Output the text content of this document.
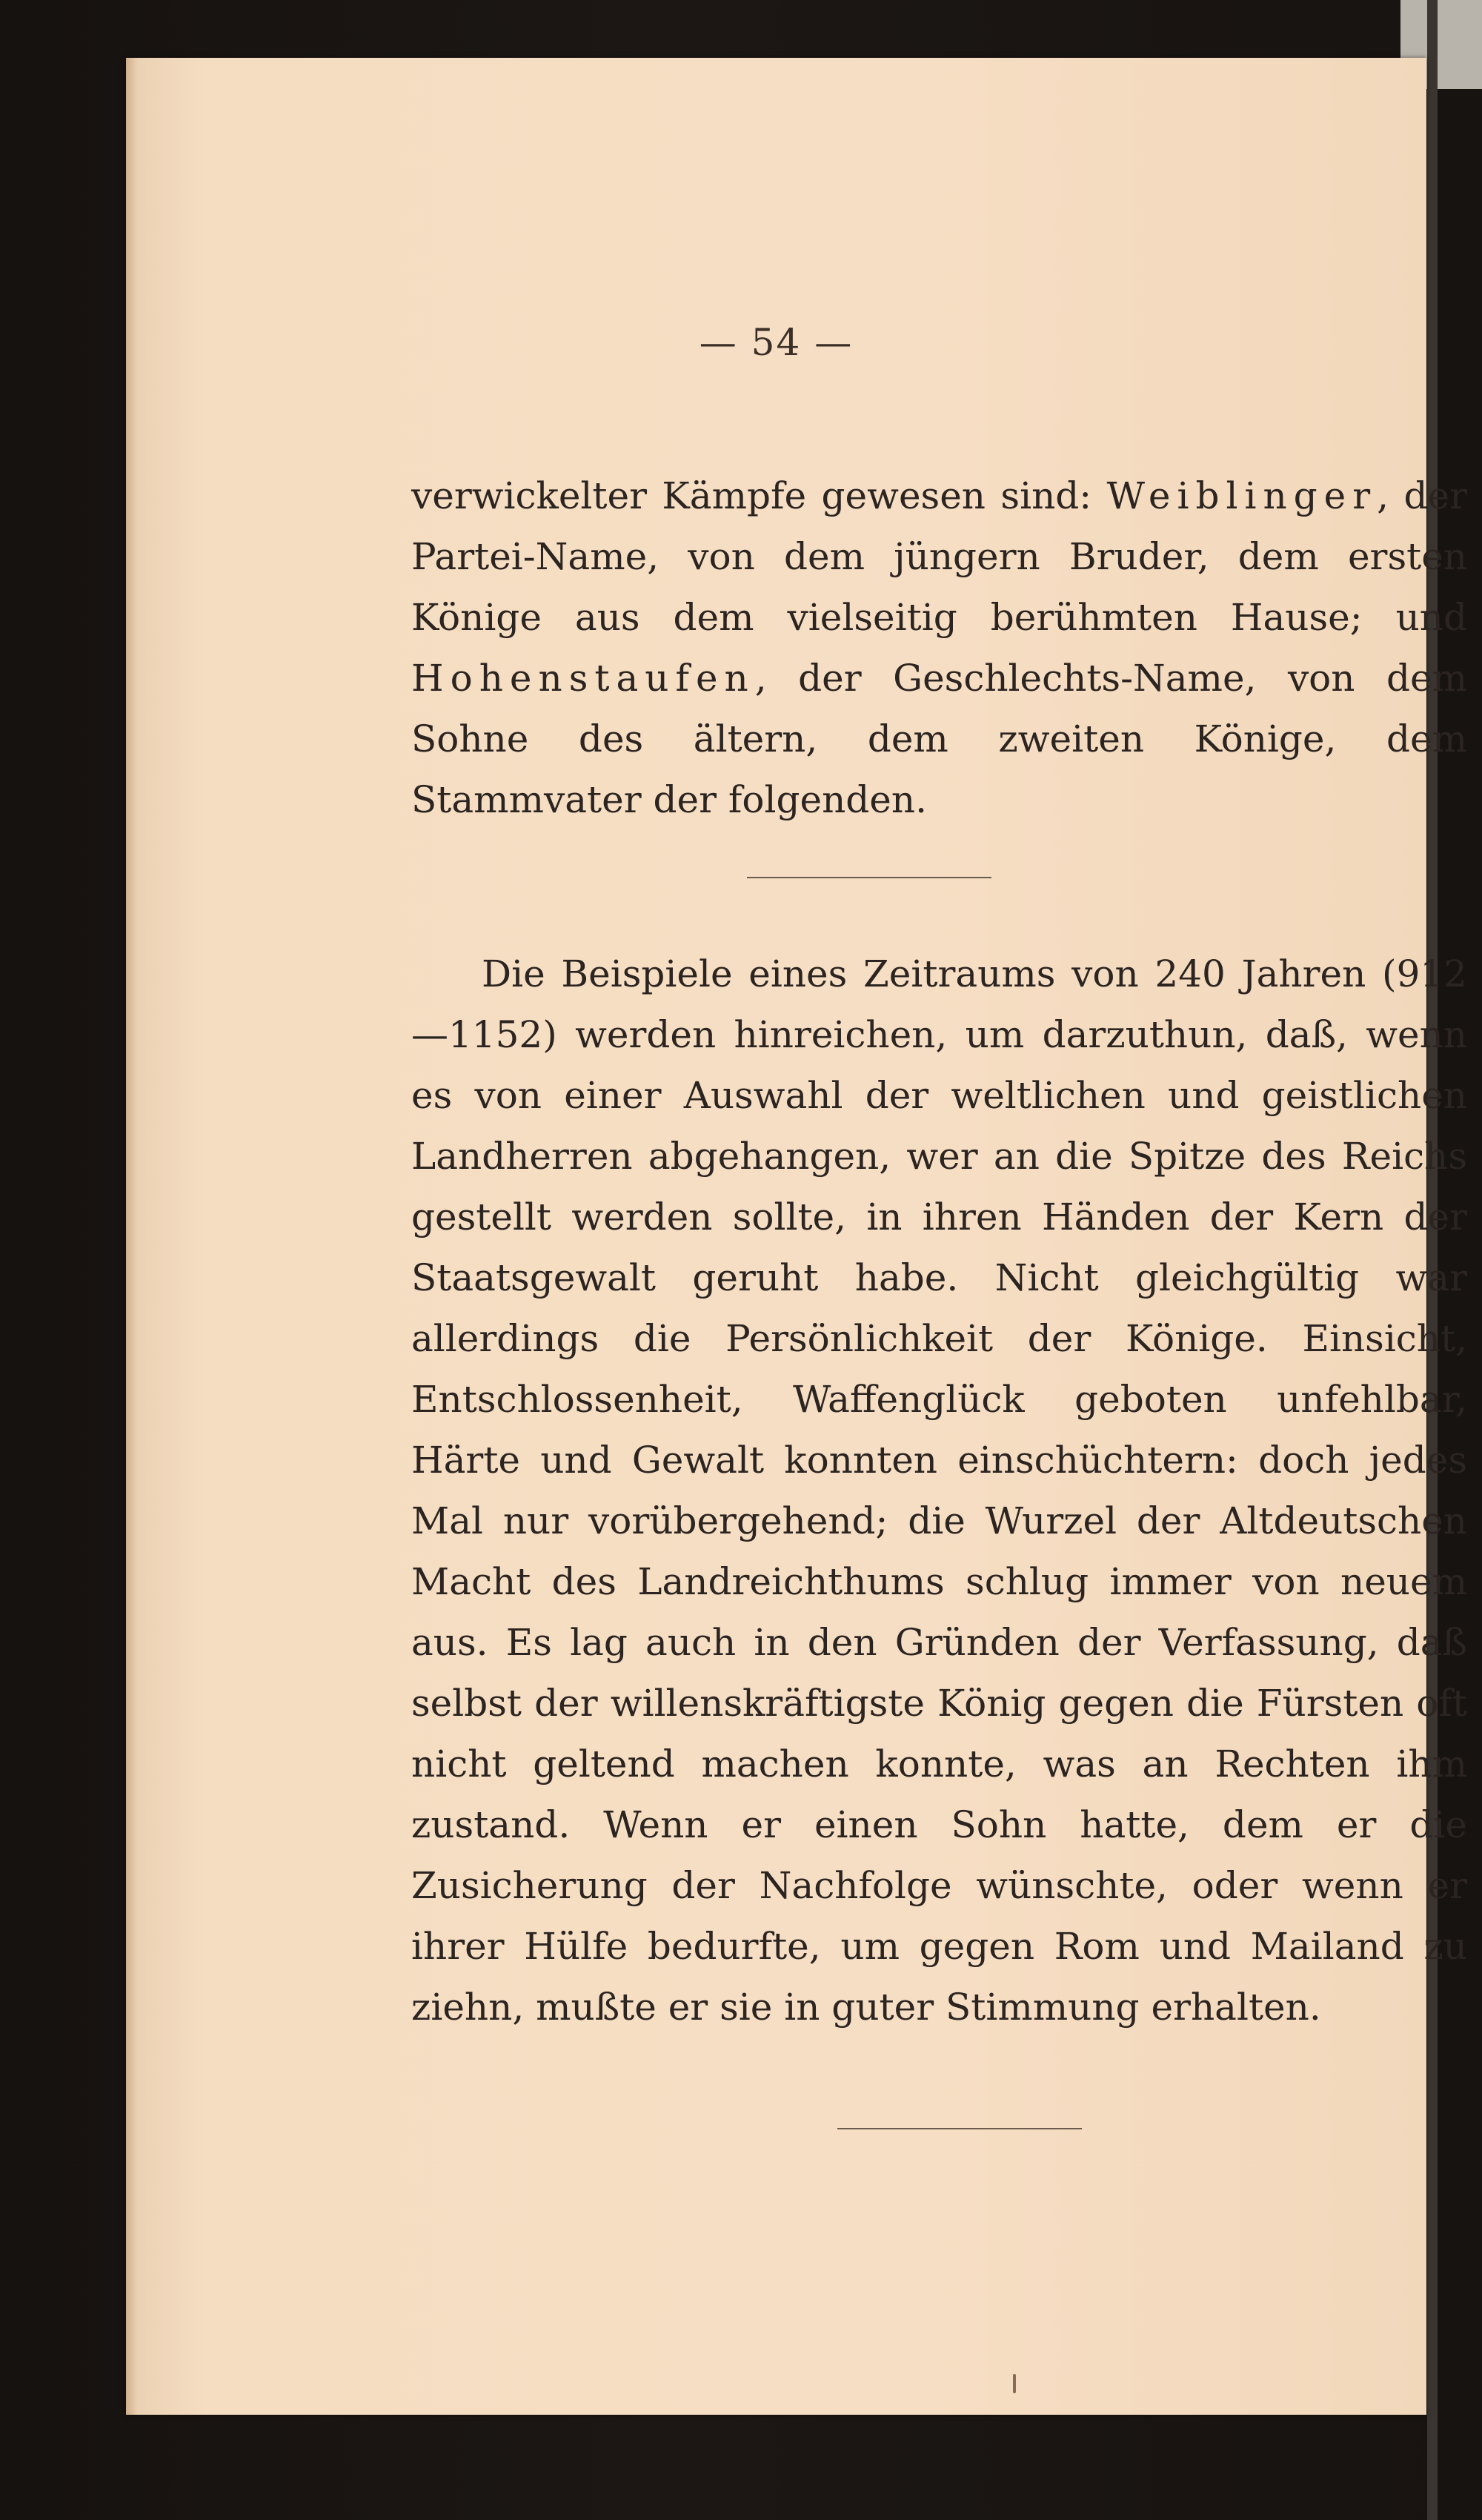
— 54 —

verwickelter Kämpfe gewesen sind: Weiblinger, der Partei-Name, von dem jüngern Bruder, dem ersten Könige aus dem vielseitig berühmten Hause; und Hohenstaufen, der Geschlechts-Name, von dem Sohne des ältern, dem zweiten Könige, dem Stammvater der folgenden.

Die Beispiele eines Zeitraums von 240 Jahren (912—1152) werden hinreichen, um darzuthun, daß, wenn es von einer Auswahl der weltlichen und geistlichen Landherren abgehangen, wer an die Spitze des Reichs gestellt werden sollte, in ihren Händen der Kern der Staatsgewalt geruht habe. Nicht gleichgültig war allerdings die Persönlichkeit der Könige. Einsicht, Entschlossenheit, Waffenglück geboten unfehlbar, Härte und Gewalt konnten einschüchtern: doch jedes Mal nur vorübergehend; die Wurzel der Altdeutschen Macht des Landreichthums schlug immer von neuem aus. Es lag auch in den Gründen der Verfassung, daß selbst der willenskräftigste König gegen die Fürsten oft nicht geltend machen konnte, was an Rechten ihm zustand. Wenn er einen Sohn hatte, dem er die Zusicherung der Nachfolge wünschte, oder wenn er ihrer Hülfe bedurfte, um gegen Rom und Mailand zu ziehn, mußte er sie in guter Stimmung erhalten.
